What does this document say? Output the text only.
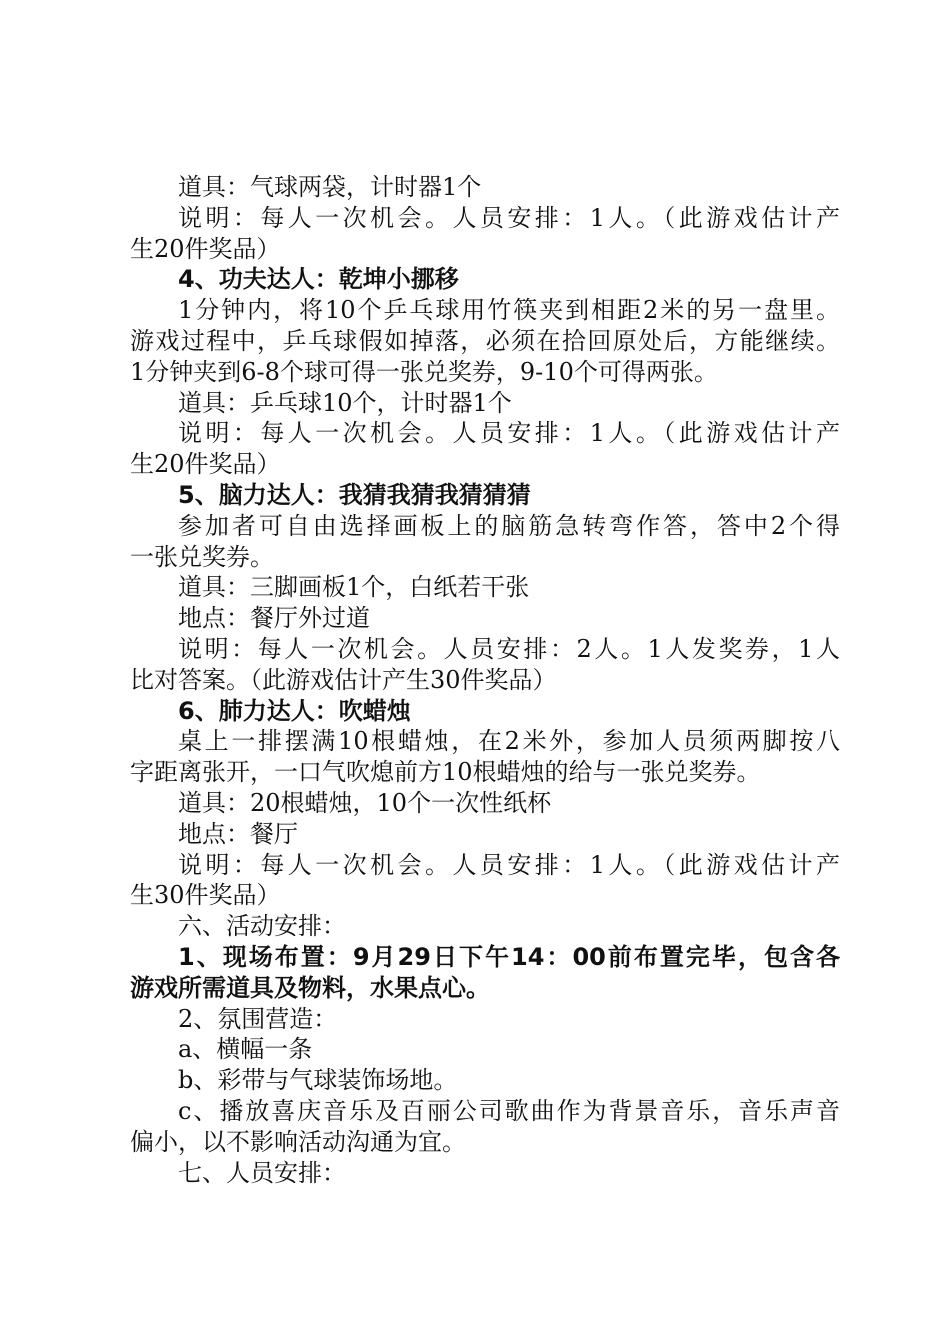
道具：气球两袋，计时器1个

说明：每人一次机会。人员安排：1人。（此游戏估计产

生20件奖品）

4、功夫达人：乾坤小挪移

1分钟内，将10个乒乓球用竹筷夹到相距2米的另一盘里。

游戏过程中，乒乓球假如掉落，必须在拾回原处后，方能继续。

1分钟夹到6-8个球可得一张兑奖券，9-10个可得两张。

道具：乒乓球10个，计时器1个

说明：每人一次机会。人员安排：1人。（此游戏估计产

生20件奖品）

5、脑力达人：我猜我猜我猜猜猜

参加者可自由选择画板上的脑筋急转弯作答，答中2个得

一张兑奖券。

道具：三脚画板1个，白纸若干张

地点：餐厅外过道

说明：每人一次机会。人员安排：2人。1人发奖券，1人

比对答案。（此游戏估计产生30件奖品）

6、肺力达人：吹蜡烛

桌上一排摆满10根蜡烛，在2米外，参加人员须两脚按八

字距离张开，一口气吹熄前方10根蜡烛的给与一张兑奖券。

道具：20根蜡烛，10个一次性纸杯

地点：餐厅

说明：每人一次机会。人员安排：1人。（此游戏估计产

生30件奖品）

六、活动安排：

1、现场布置：9月29日下午14：00前布置完毕，包含各

游戏所需道具及物料，水果点心。

2、氛围营造：

a、横幅一条

b、彩带与气球装饰场地。

c、播放喜庆音乐及百丽公司歌曲作为背景音乐，音乐声音

偏小，以不影响活动沟通为宜。

七、人员安排：
